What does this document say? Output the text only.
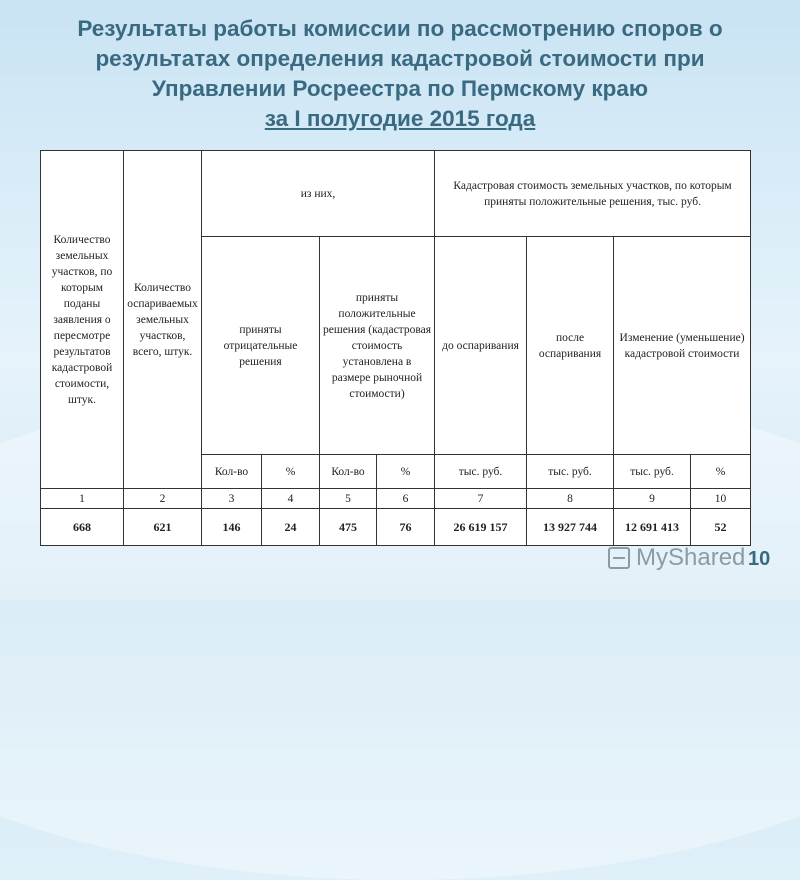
Результаты работы комиссии по рассмотрению споров о
результатах определения кадастровой стоимости при
Управлении Росреестра по Пермскому краю
за I полугодие 2015 года
Количество земельных участков, по которым поданы заявления о пересмотре результатов кадастровой стоимости, штук.	Количество оспариваемых земельных участков, всего, штук.	из них,				Кадастровая стоимость земельных участков, по которым приняты положительные решения, тыс. руб.			
		приняты отрицательные решения		приняты положительные решения (кадастровая стоимость установлена в размере рыночной стоимости)		до оспаривания	после оспаривания	Изменение (уменьшение) кадастровой стоимости	
		Кол-во	%	Кол-во	%	тыс. руб.	тыс. руб.	тыс. руб.	%
1	2	3	4	5	6	7	8	9	10
668	621	146	24	475	76	26 619 157	13 927 744	12 691 413	52
MyShared 10
